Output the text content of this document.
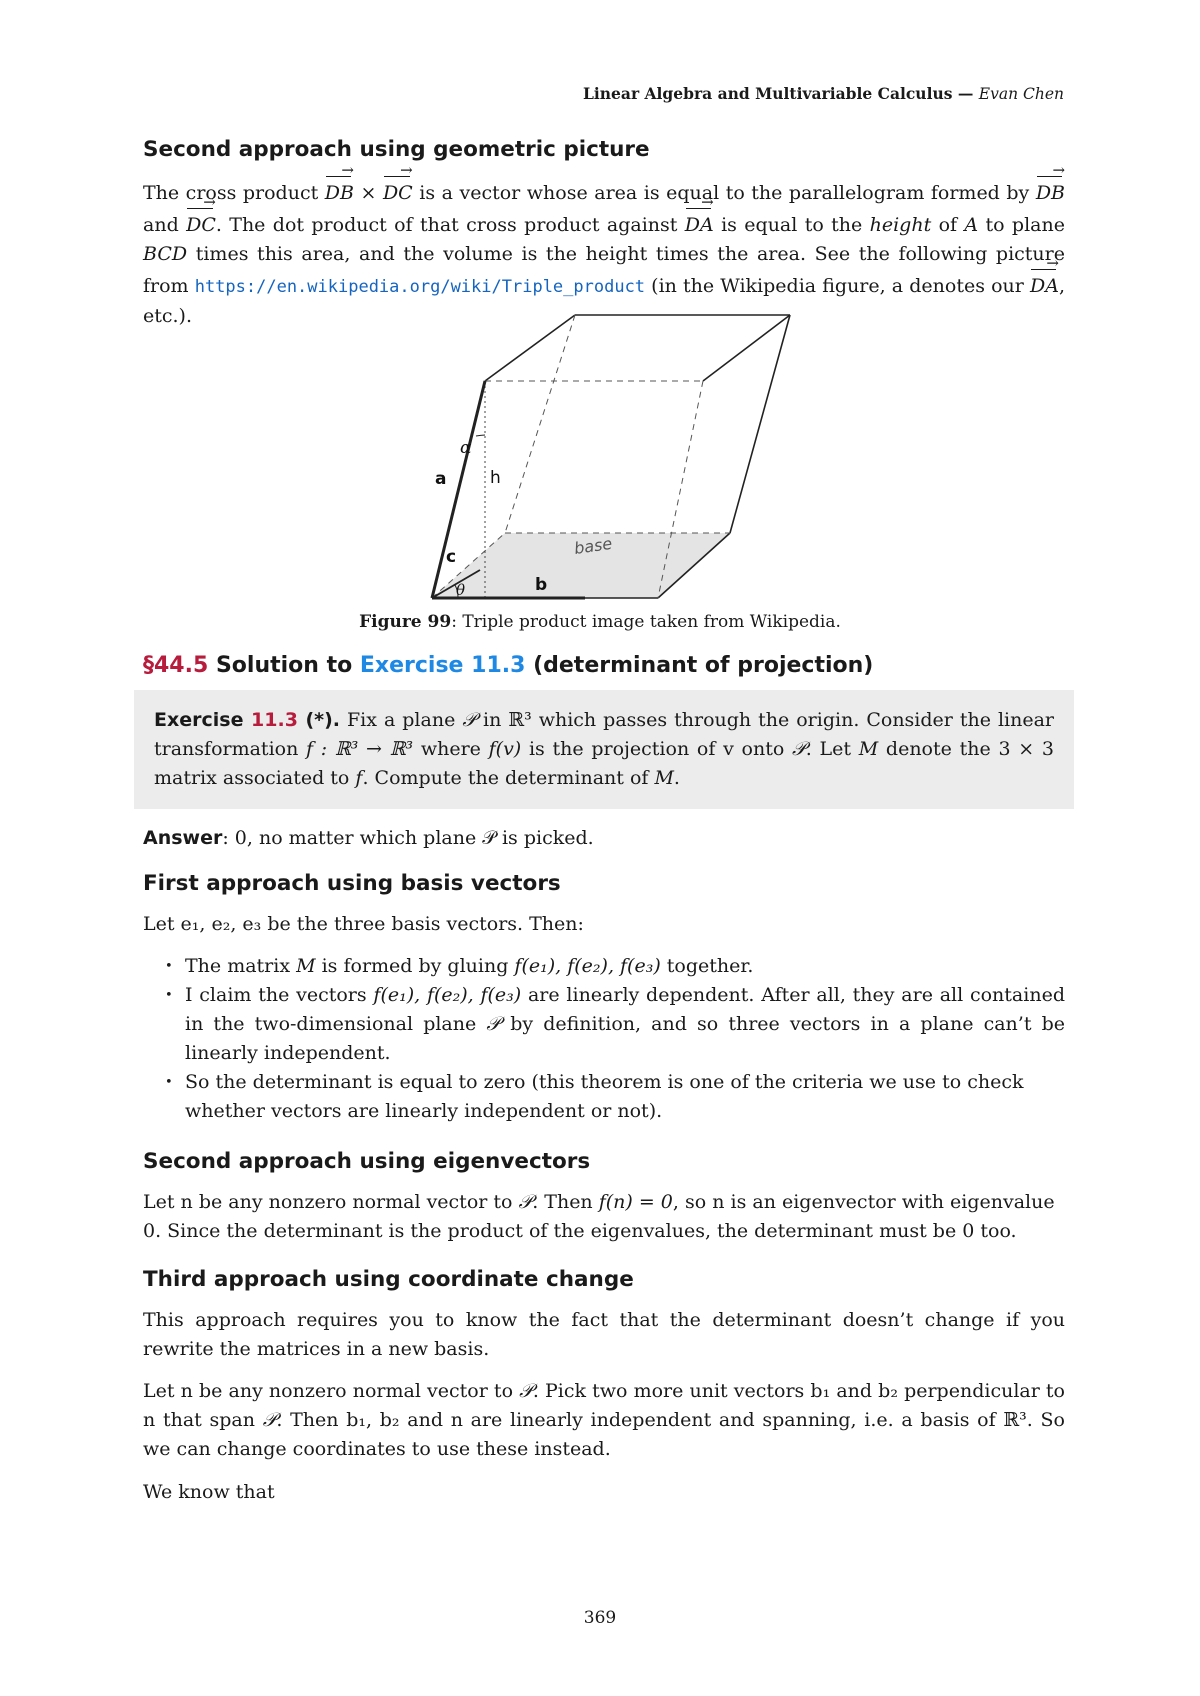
Linear Algebra and Multivariable Calculus — Evan Chen
Second approach using geometric picture

The cross product DB → × DC → is a vector whose area is equal to the parallelogram formed by DB → and DC →. The dot product of that cross product against DA → is equal to the height of A to plane BCD times this area, and the volume is the height times the area. See the following picture from https://en.wikipedia.org/wiki/Triple_product (in the Wikipedia figure, a denotes our DA →, etc.).

a
α
h
c
θ	b
base
Figure 99: Triple product image taken from Wikipedia.
§44.5 Solution to Exercise 11.3 (determinant of projection)
Exercise 11.3 (*). Fix a plane 𝒫 in ℝ³ which passes through the origin. Consider the linear transformation f : ℝ³ → ℝ³ where f(v) is the projection of v onto 𝒫. Let M denote the 3 × 3 matrix associated to f. Compute the determinant of M.

Answer: 0, no matter which plane 𝒫 is picked.

First approach using basis vectors

Let e₁, e₂, e₃ be the three basis vectors. Then:

• The matrix M is formed by gluing f(e₁), f(e₂), f(e₃) together.
• I claim the vectors f(e₁), f(e₂), f(e₃) are linearly dependent. After all, they are all contained in the two-dimensional plane 𝒫 by definition, and so three vectors in a plane can’t be linearly independent.
• So the determinant is equal to zero (this theorem is one of the criteria we use to check whether vectors are linearly independent or not).
Second approach using eigenvectors

Let n be any nonzero normal vector to 𝒫. Then f(n) = 0, so n is an eigenvector with eigenvalue 0. Since the determinant is the product of the eigenvalues, the determinant must be 0 too.

Third approach using coordinate change

This approach requires you to know the fact that the determinant doesn’t change if you rewrite the matrices in a new basis.

Let n be any nonzero normal vector to 𝒫. Pick two more unit vectors b₁ and b₂ perpendicular to n that span 𝒫. Then b₁, b₂ and n are linearly independent and spanning, i.e. a basis of ℝ³. So we can change coordinates to use these instead.

We know that

369
